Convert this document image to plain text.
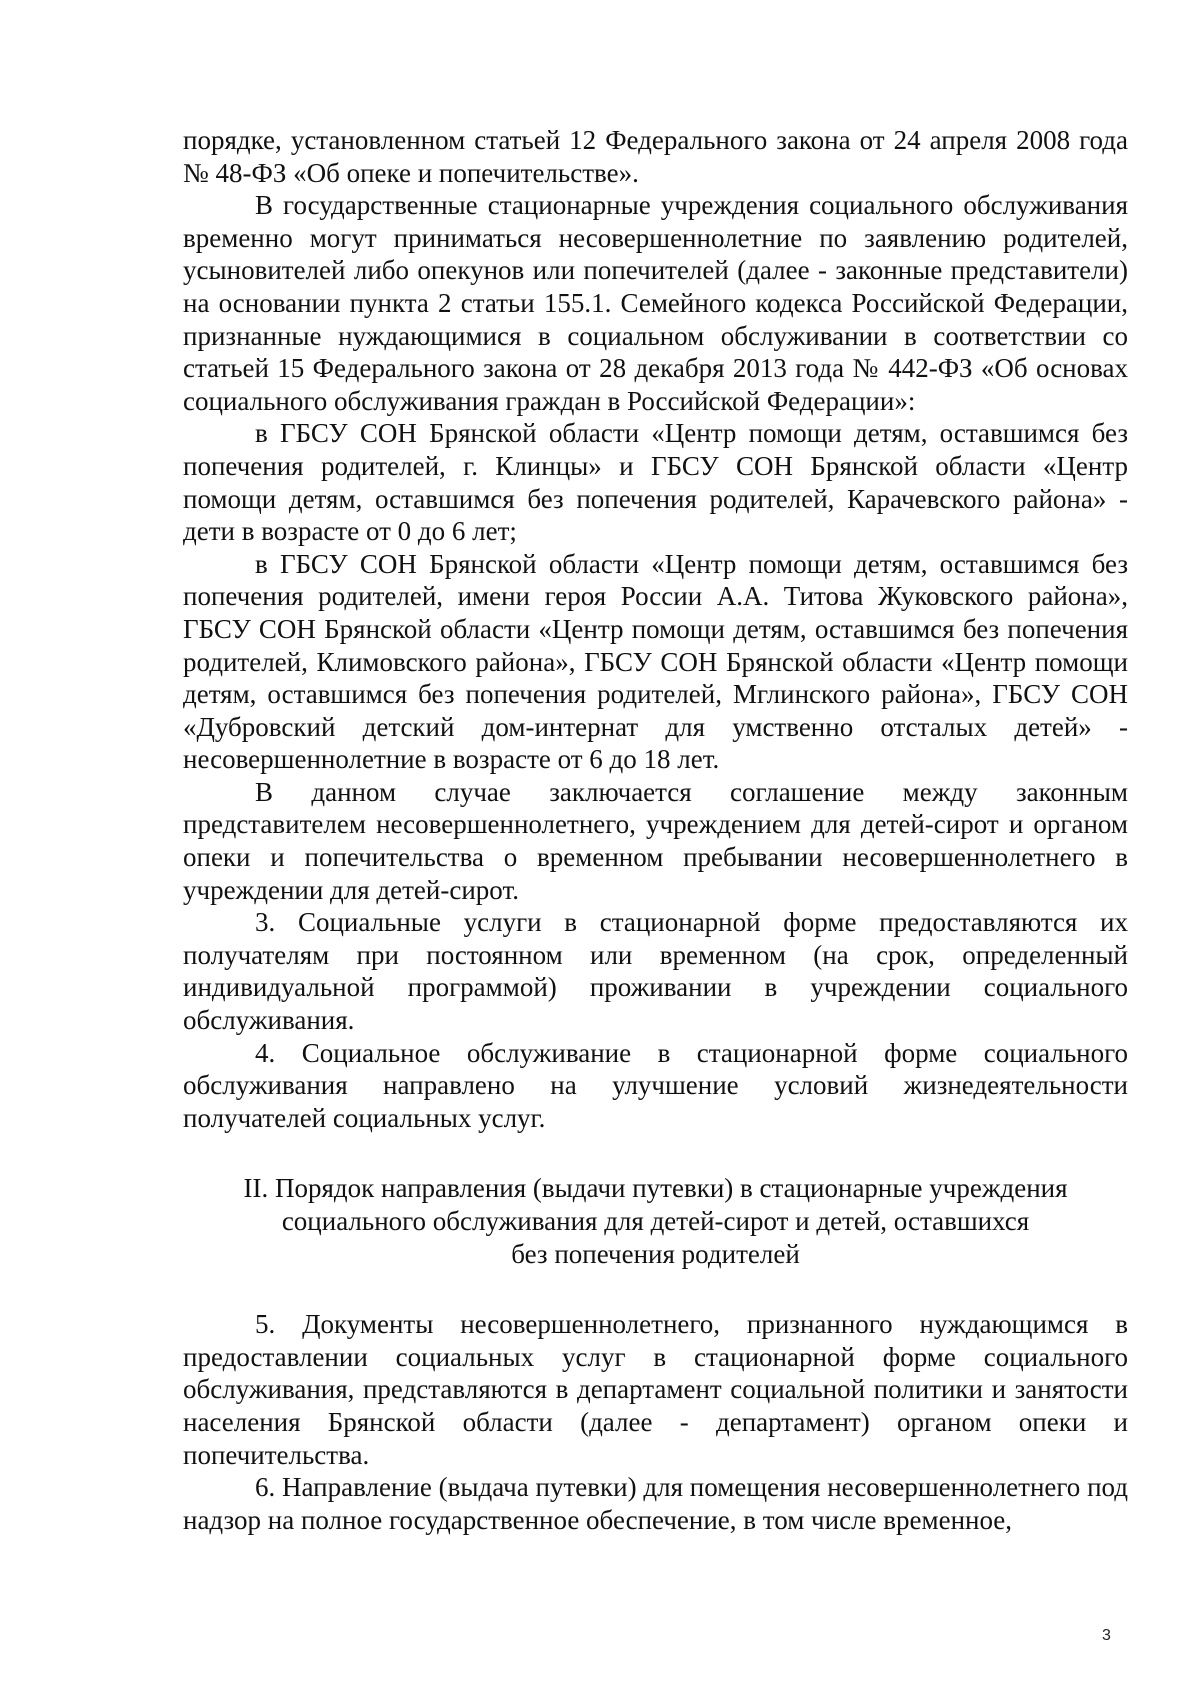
порядке, установленном статьей 12 Федерального закона от 24 апреля 2008 года № 48-ФЗ «Об опеке и попечительстве».

В государственные стационарные учреждения социального обслуживания временно могут приниматься несовершеннолетние по заявлению родителей, усыновителей либо опекунов или попечителей (далее - законные представители) на основании пункта 2 статьи 155.1. Семейного кодекса Российской Федерации, признанные нуждающимися в социальном обслуживании в соответствии со статьей 15 Федерального закона от 28 декабря 2013 года № 442-ФЗ «Об основах социального обслуживания граждан в Российской Федерации»:

в ГБСУ СОН Брянской области «Центр помощи детям, оставшимся без попечения родителей, г. Клинцы» и ГБСУ СОН Брянской области «Центр помощи детям, оставшимся без попечения родителей, Карачевского района» - дети в возрасте от 0 до 6 лет;

в ГБСУ СОН Брянской области «Центр помощи детям, оставшимся без попечения родителей, имени героя России А.А. Титова Жуковского района», ГБСУ СОН Брянской области «Центр помощи детям, оставшимся без попечения родителей, Климовского района», ГБСУ СОН Брянской области «Центр помощи детям, оставшимся без попечения родителей, Мглинского района», ГБСУ СОН «Дубровский детский дом-интернат для умственно отсталых детей» - несовершеннолетние в возрасте от 6 до 18 лет.

В данном случае заключается соглашение между законным представителем несовершеннолетнего, учреждением для детей-сирот и органом опеки и попечительства о временном пребывании несовершеннолетнего в учреждении для детей-сирот.

3. Социальные услуги в стационарной форме предоставляются их получателям при постоянном или временном (на срок, определенный индивидуальной программой) проживании в учреждении социального обслуживания.

4. Социальное обслуживание в стационарной форме социального обслуживания направлено на улучшение условий жизнедеятельности получателей социальных услуг.

II. Порядок направления (выдачи путевки) в стационарные учреждения
социального обслуживания для детей-сирот и детей, оставшихся
без попечения родителей

5. Документы несовершеннолетнего, признанного нуждающимся в предоставлении социальных услуг в стационарной форме социального обслуживания, представляются в департамент социальной политики и занятости населения Брянской области (далее - департамент) органом опеки и попечительства.

6. Направление (выдача путевки) для помещения несовершеннолетнего под надзор на полное государственное обеспечение, в том числе временное,

3
